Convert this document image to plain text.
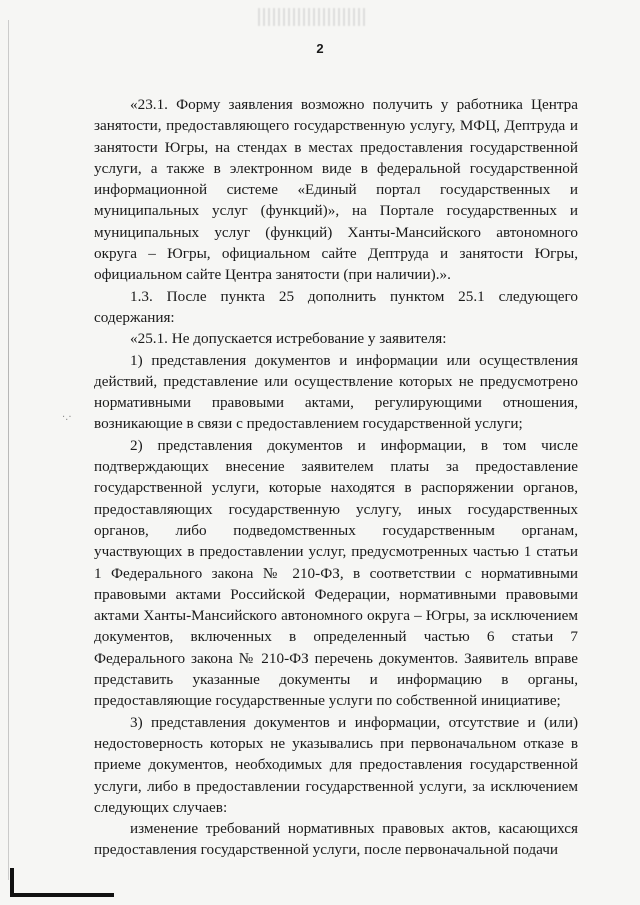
2

«23.1. Форму заявления возможно получить у работника Центра занятости, предоставляющего государственную услугу, МФЦ, Дептруда и занятости Югры, на стендах в местах предоставления государственной услуги, а также в электронном виде в федеральной государственной информационной системе «Единый портал государственных и муниципальных услуг (функций)», на Портале государственных и муниципальных услуг (функций) Ханты-Мансийского автономного округа – Югры, официальном сайте Дептруда и занятости Югры, официальном сайте Центра занятости (при наличии).».

1.3. После пункта 25 дополнить пунктом 25.1 следующего содержания:

«25.1. Не допускается истребование у заявителя:

1) представления документов и информации или осуществления действий, представление или осуществление которых не предусмотрено нормативными правовыми актами, регулирующими отношения, возникающие в связи с предоставлением государственной услуги;

2) представления документов и информации, в том числе подтверждающих внесение заявителем платы за предоставление государственной услуги, которые находятся в распоряжении органов, предоставляющих государственную услугу, иных государственных органов, либо подведомственных государственным органам, участвующих в предоставлении услуг, предусмотренных частью 1 статьи 1 Федерального закона № 210-ФЗ, в соответствии с нормативными правовыми актами Российской Федерации, нормативными правовыми актами Ханты-Мансийского автономного округа – Югры, за исключением документов, включенных в определенный частью 6 статьи 7 Федерального закона № 210-ФЗ перечень документов. Заявитель вправе представить указанные документы и информацию в органы, предоставляющие государственные услуги по собственной инициативе;

3) представления документов и информации, отсутствие и (или) недостоверность которых не указывались при первоначальном отказе в приеме документов, необходимых для предоставления государственной услуги, либо в предоставлении государственной услуги, за исключением следующих случаев:

изменение требований нормативных правовых актов, касающихся предоставления государственной услуги, после первоначальной подачи

·.·
